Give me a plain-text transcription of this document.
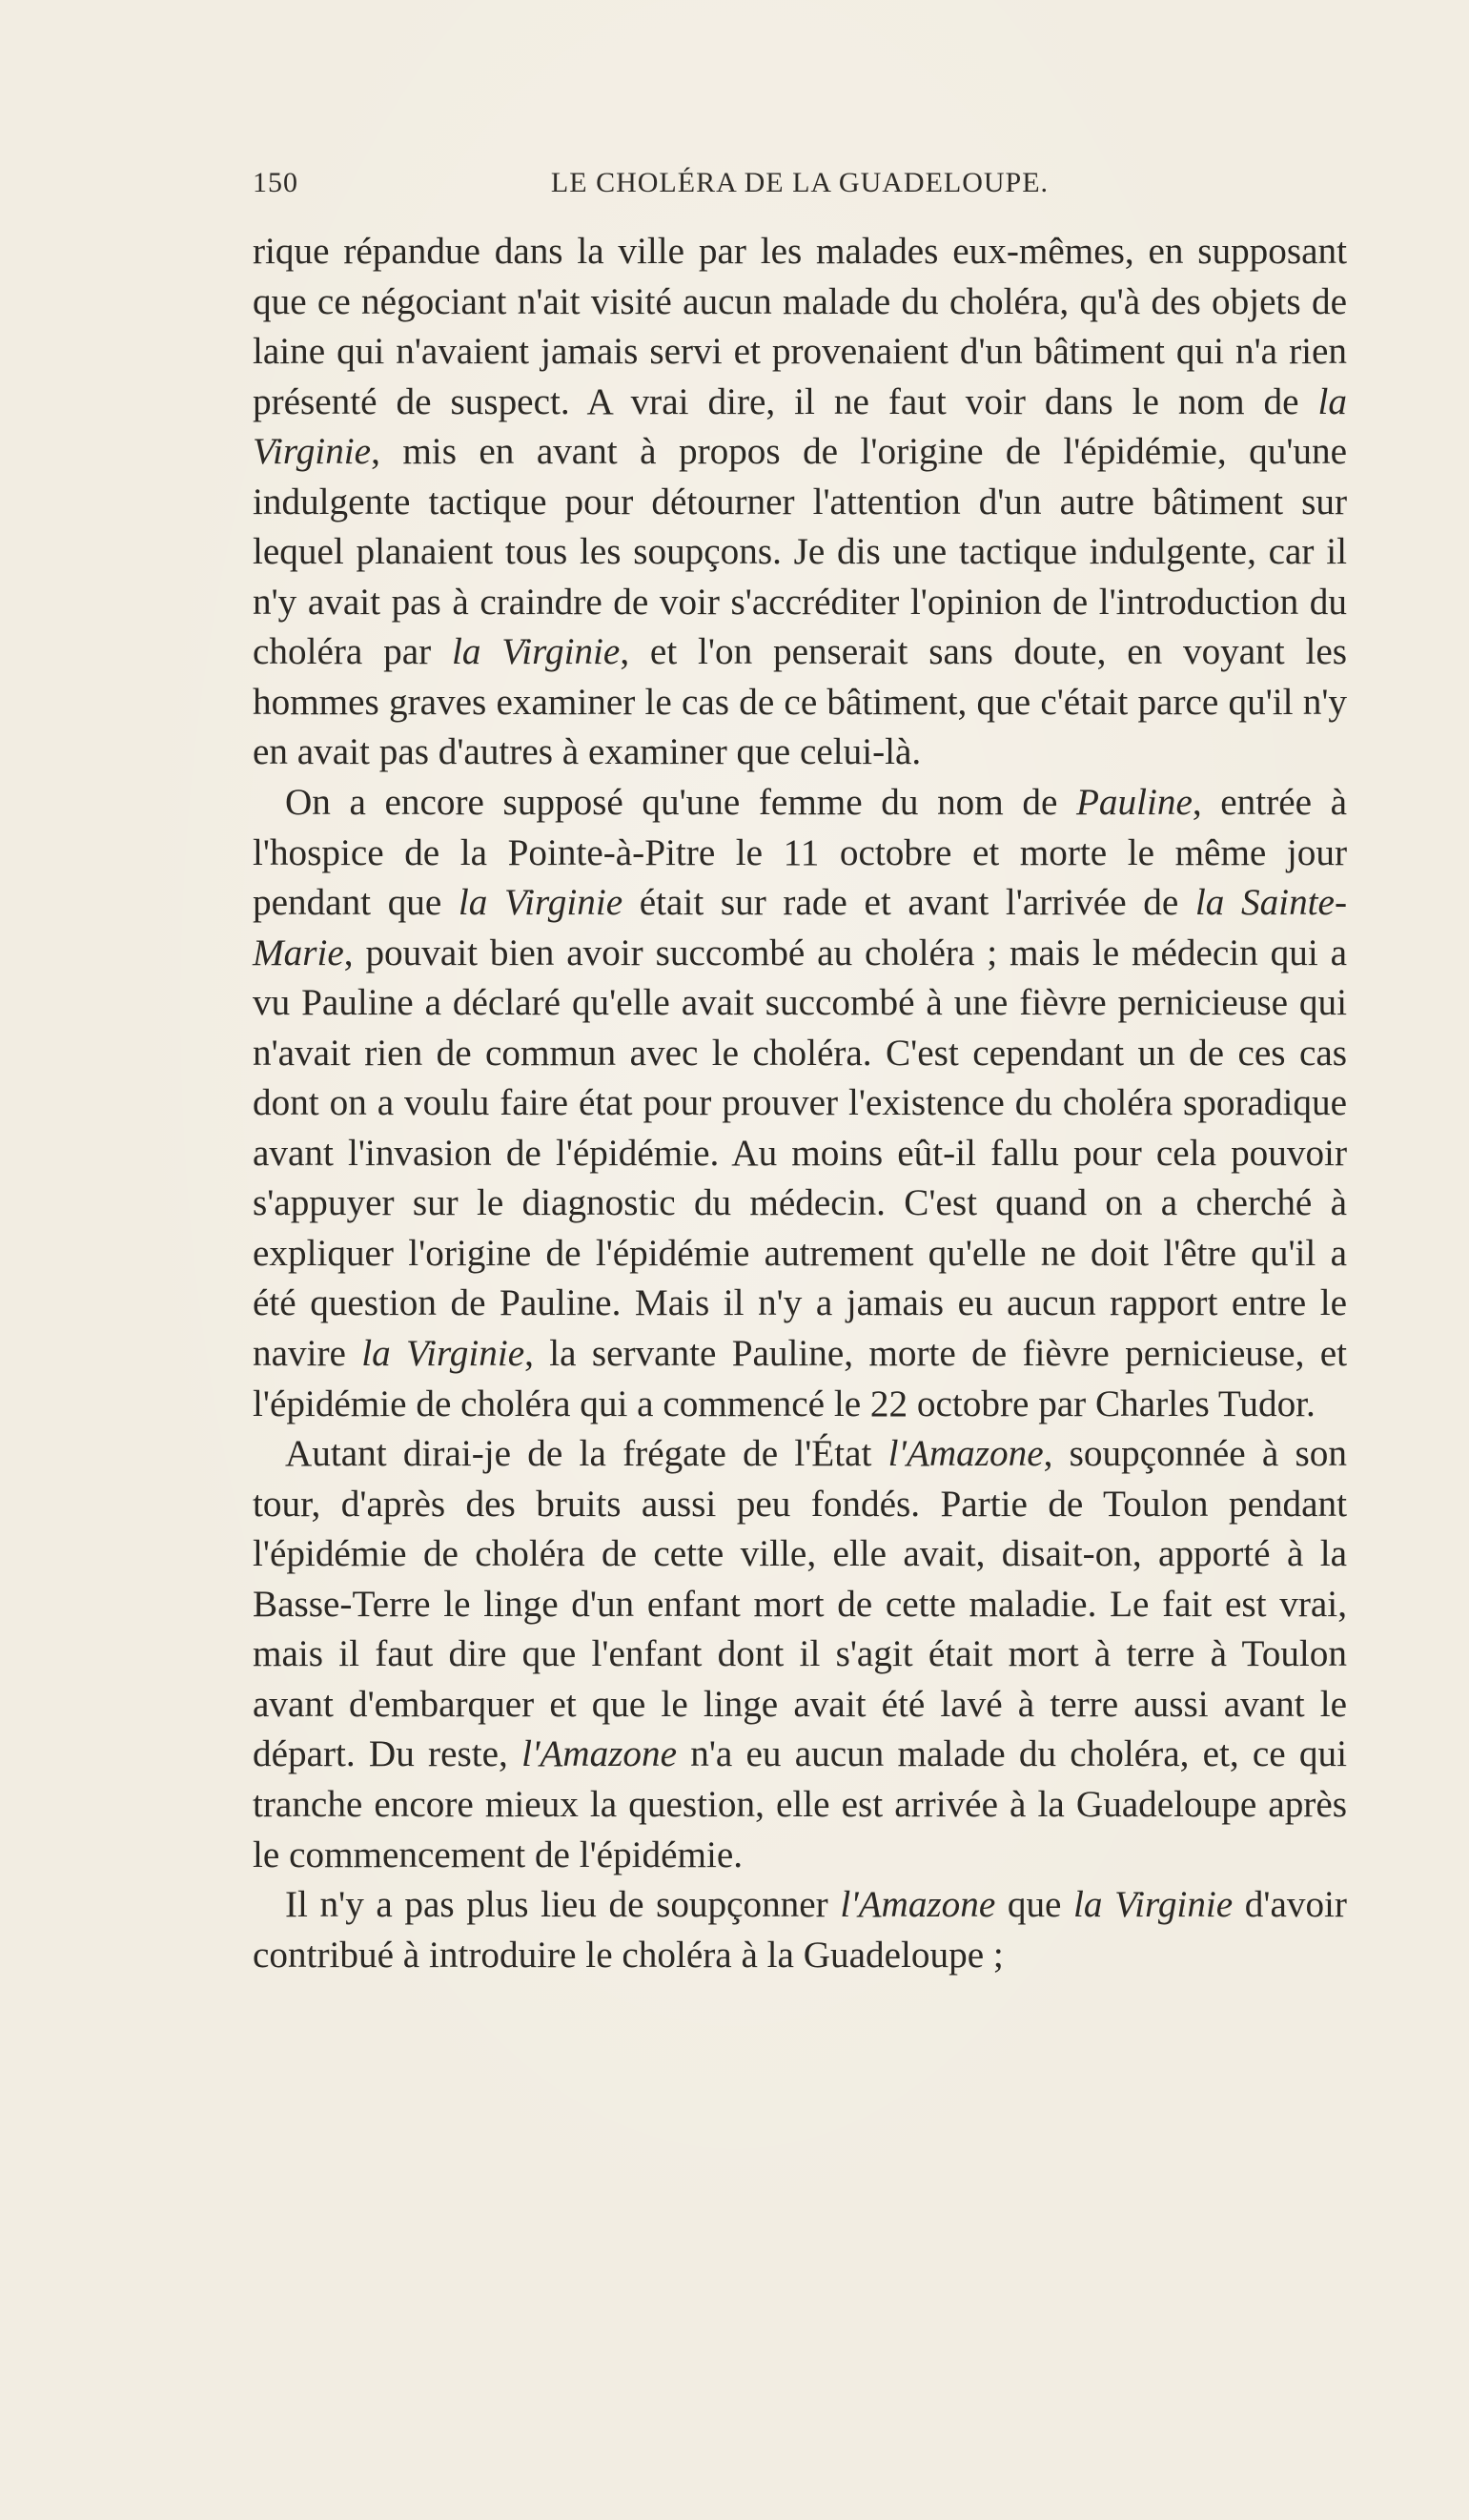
150	LE CHOLÉRA DE LA GUADELOUPE.

rique répandue dans la ville par les malades eux-mêmes, en supposant que ce négociant n'ait visité aucun malade du choléra, qu'à des objets de laine qui n'avaient jamais servi et provenaient d'un bâtiment qui n'a rien présenté de suspect. A vrai dire, il ne faut voir dans le nom de la Virginie, mis en avant à propos de l'origine de l'épidémie, qu'une indulgente tactique pour détourner l'attention d'un autre bâtiment sur lequel planaient tous les soupçons. Je dis une tactique indulgente, car il n'y avait pas à craindre de voir s'accréditer l'opinion de l'introduction du choléra par la Virginie, et l'on penserait sans doute, en voyant les hommes graves examiner le cas de ce bâtiment, que c'était parce qu'il n'y en avait pas d'autres à examiner que celui-là.

On a encore supposé qu'une femme du nom de Pauline, entrée à l'hospice de la Pointe-à-Pitre le 11 octobre et morte le même jour pendant que la Virginie était sur rade et avant l'arrivée de la Sainte-Marie, pouvait bien avoir succombé au choléra ; mais le médecin qui a vu Pauline a déclaré qu'elle avait succombé à une fièvre pernicieuse qui n'avait rien de commun avec le choléra. C'est cependant un de ces cas dont on a voulu faire état pour prouver l'existence du choléra sporadique avant l'invasion de l'épidémie. Au moins eût-il fallu pour cela pouvoir s'appuyer sur le diagnostic du médecin. C'est quand on a cherché à expliquer l'origine de l'épidémie autrement qu'elle ne doit l'être qu'il a été question de Pauline. Mais il n'y a jamais eu aucun rapport entre le navire la Virginie, la servante Pauline, morte de fièvre pernicieuse, et l'épidémie de choléra qui a commencé le 22 octobre par Charles Tudor.

Autant dirai-je de la frégate de l'État l'Amazone, soupçonnée à son tour, d'après des bruits aussi peu fondés. Partie de Toulon pendant l'épidémie de choléra de cette ville, elle avait, disait-on, apporté à la Basse-Terre le linge d'un enfant mort de cette maladie. Le fait est vrai, mais il faut dire que l'enfant dont il s'agit était mort à terre à Toulon avant d'embarquer et que le linge avait été lavé à terre aussi avant le départ. Du reste, l'Amazone n'a eu aucun malade du choléra, et, ce qui tranche encore mieux la question, elle est arrivée à la Guadeloupe après le commencement de l'épidémie.

Il n'y a pas plus lieu de soupçonner l'Amazone que la Virginie d'avoir contribué à introduire le choléra à la Guadeloupe ;
